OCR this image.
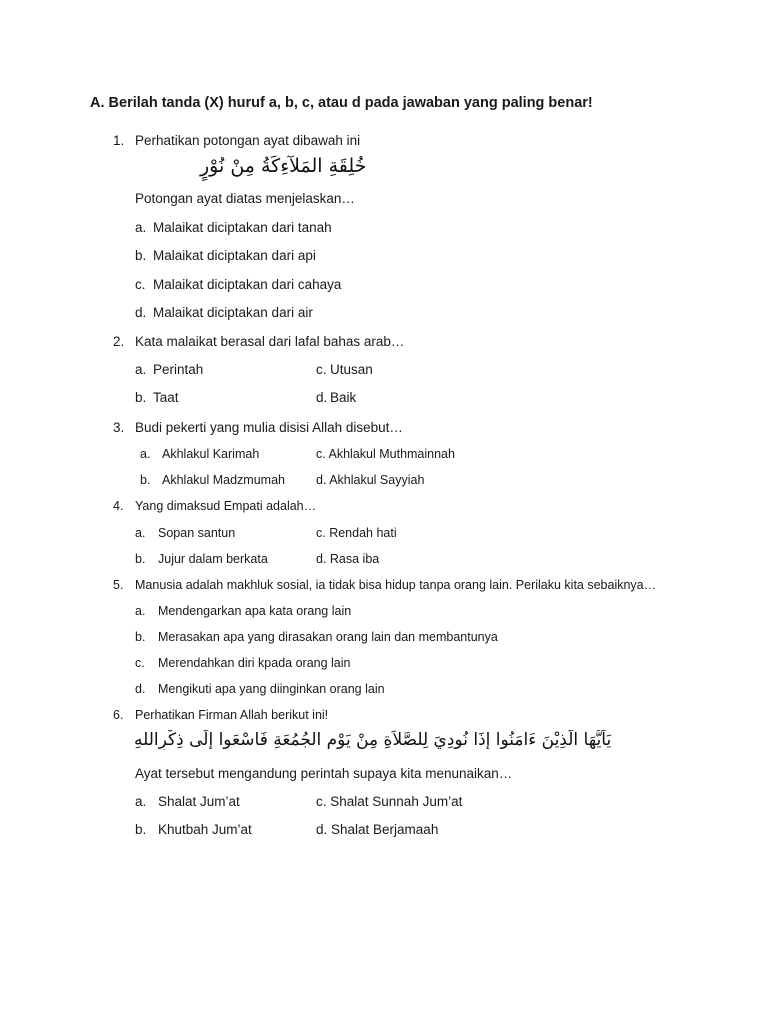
A. Berilah tanda (X) huruf a, b, c, atau d pada jawaban yang paling benar!
1. Perhatikan potongan ayat dibawah ini
خُلِقَةِ المَلآءِكَةُ مِنْ نُوْرٍ
Potongan ayat diatas menjelaskan…
a. Malaikat diciptakan dari tanah
b. Malaikat diciptakan dari api
c. Malaikat diciptakan dari cahaya
d. Malaikat diciptakan dari air
2. Kata malaikat berasal dari lafal bahas arab…
a. Perintah
b. Taat
c. Utusan
d. Baik
3. Budi pekerti yang mulia disisi Allah disebut…
a. Akhlakul Karimah
b. Akhlakul Madzmumah
c. Akhlakul Muthmainnah
d. Akhlakul Sayyiah
4. Yang dimaksud Empati adalah…
a. Sopan santun
b. Jujur dalam berkata
c. Rendah hati
d. Rasa iba
5. Manusia adalah makhluk sosial, ia tidak bisa hidup tanpa orang lain. Perilaku kita sebaiknya…
a. Mendengarkan apa kata orang lain
b. Merasakan apa yang dirasakan orang lain dan membantunya
c. Merendahkan diri kpada orang lain
d. Mengikuti apa yang diinginkan orang lain
6. Perhatikan Firman Allah berikut ini!
يَاَيُّهَا الَّذِيْنَ ءَامَنُوا إِذَا نُودِيَ لِلصَّلاَةِ مِنْ يَوْمِ الجُمُعَةِ فَاسْعَوا إِلَى ذِكْرِاللهِ
Ayat tersebut mengandung perintah supaya kita menunaikan…
a. Shalat Jum’at
b. Khutbah Jum’at
c. Shalat Sunnah Jum’at
d. Shalat Berjamaah
